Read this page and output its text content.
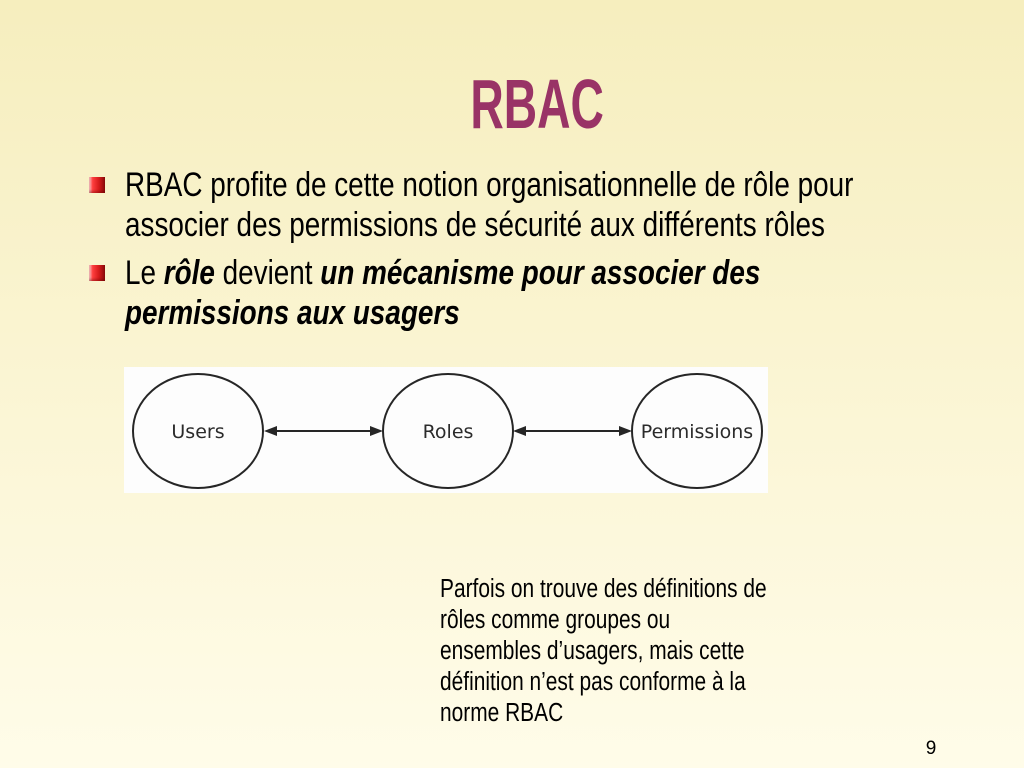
RBAC
RBAC profite de cette notion organisationnelle de rôle pour
associer des permissions de sécurité aux différents rôles
Le rôle devient un mécanisme pour associer des
permissions aux usagers
Users	Roles	Permissions
Parfois on trouve des définitions de
rôles comme groupes ou
ensembles d’usagers, mais cette
définition n’est pas conforme à la
norme RBAC
9
